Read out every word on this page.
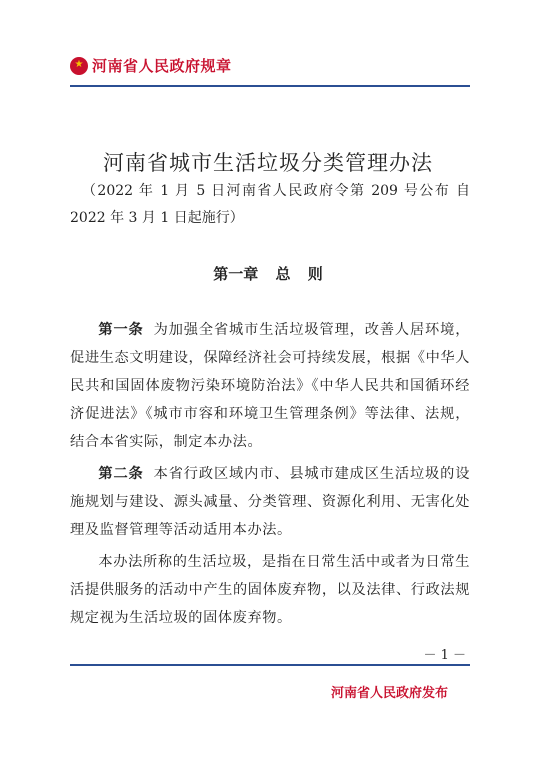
★
河南省人民政府规章
河南省城市生活垃圾分类管理办法
（2022 年 1 月 5 日河南省人民政府令第 209 号公布 自 2022 年 3 月 1 日起施行）
第一章 总 则

第一条 为加强全省城市生活垃圾管理，改善人居环境，促进生态文明建设，保障经济社会可持续发展，根据《中华人民共和国固体废物污染环境防治法》《中华人民共和国循环经济促进法》《城市市容和环境卫生管理条例》等法律、法规，结合本省实际，制定本办法。

第二条 本省行政区域内市、县城市建成区生活垃圾的设施规划与建设、源头减量、分类管理、资源化利用、无害化处理及监督管理等活动适用本办法。

本办法所称的生活垃圾，是指在日常生活中或者为日常生活提供服务的活动中产生的固体废弃物，以及法律、行政法规规定视为生活垃圾的固体废弃物。

－ 1 －
河南省人民政府发布
